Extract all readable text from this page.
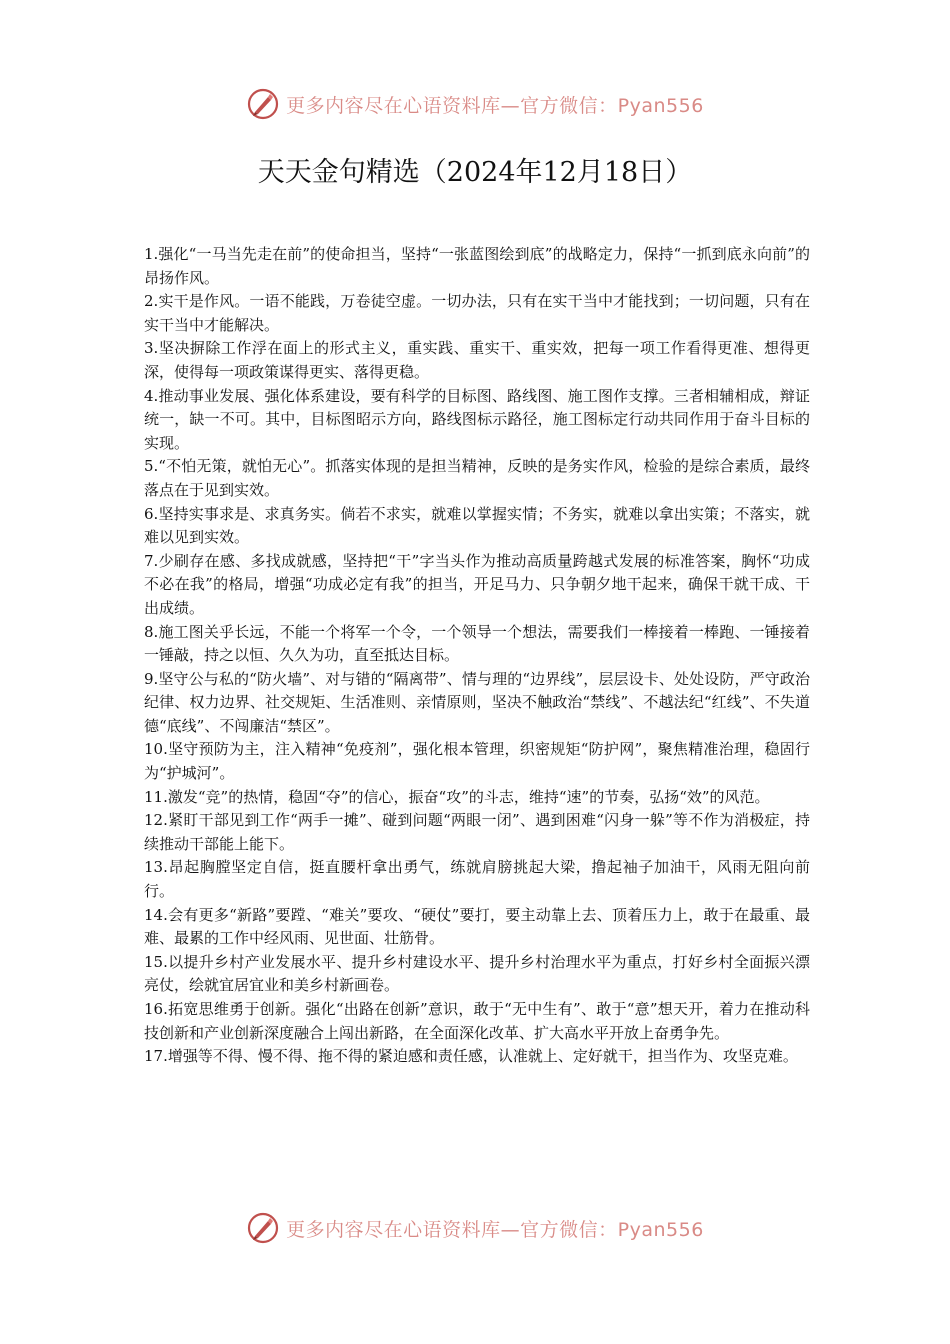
更多内容尽在心语资料库—官方微信：Pyan556
天天金句精选（2024年12月18日）

1.强化“一马当先走在前”的使命担当，坚持“一张蓝图绘到底”的战略定力，保持“一抓到底永向前”的昂扬作风。

2.实干是作风。一语不能践，万卷徒空虚。一切办法，只有在实干当中才能找到；一切问题，只有在实干当中才能解决。

3.坚决摒除工作浮在面上的形式主义，重实践、重实干、重实效，把每一项工作看得更准、想得更深，使得每一项政策谋得更实、落得更稳。

4.推动事业发展、强化体系建设，要有科学的目标图、路线图、施工图作支撑。三者相辅相成，辩证统一，缺一不可。其中，目标图昭示方向，路线图标示路径，施工图标定行动共同作用于奋斗目标的实现。

5.“不怕无策，就怕无心”。抓落实体现的是担当精神，反映的是务实作风，检验的是综合素质，最终落点在于见到实效。

6.坚持实事求是、求真务实。倘若不求实，就难以掌握实情；不务实，就难以拿出实策；不落实，就难以见到实效。

7.少刷存在感、多找成就感，坚持把“干”字当头作为推动高质量跨越式发展的标准答案，胸怀“功成不必在我”的格局，增强“功成必定有我”的担当，开足马力、只争朝夕地干起来，确保干就干成、干出成绩。

8.施工图关乎长远，不能一个将军一个令，一个领导一个想法，需要我们一棒接着一棒跑、一锤接着一锤敲，持之以恒、久久为功，直至抵达目标。

9.坚守公与私的“防火墙”、对与错的“隔离带”、情与理的“边界线”，层层设卡、处处设防，严守政治纪律、权力边界、社交规矩、生活准则、亲情原则，坚决不触政治“禁线”、不越法纪“红线”、不失道德“底线”、不闯廉洁“禁区”。

10.坚守预防为主，注入精神“免疫剂”，强化根本管理，织密规矩“防护网”，聚焦精准治理，稳固行为“护城河”。

11.激发“竞”的热情，稳固“夺”的信心，振奋“攻”的斗志，维持“速”的节奏，弘扬“效”的风范。

12.紧盯干部见到工作“两手一摊”、碰到问题“两眼一闭”、遇到困难“闪身一躲”等不作为消极症，持续推动干部能上能下。

13.昂起胸膛坚定自信，挺直腰杆拿出勇气，练就肩膀挑起大梁，撸起袖子加油干，风雨无阻向前行。

14.会有更多“新路”要蹚、“难关”要攻、“硬仗”要打，要主动靠上去、顶着压力上，敢于在最重、最难、最累的工作中经风雨、见世面、壮筋骨。

15.以提升乡村产业发展水平、提升乡村建设水平、提升乡村治理水平为重点，打好乡村全面振兴漂亮仗，绘就宜居宜业和美乡村新画卷。

16.拓宽思维勇于创新。强化“出路在创新”意识，敢于“无中生有”、敢于“意”想天开，着力在推动科技创新和产业创新深度融合上闯出新路，在全面深化改革、扩大高水平开放上奋勇争先。

17.增强等不得、慢不得、拖不得的紧迫感和责任感，认准就上、定好就干，担当作为、攻坚克难。

更多内容尽在心语资料库—官方微信：Pyan556
